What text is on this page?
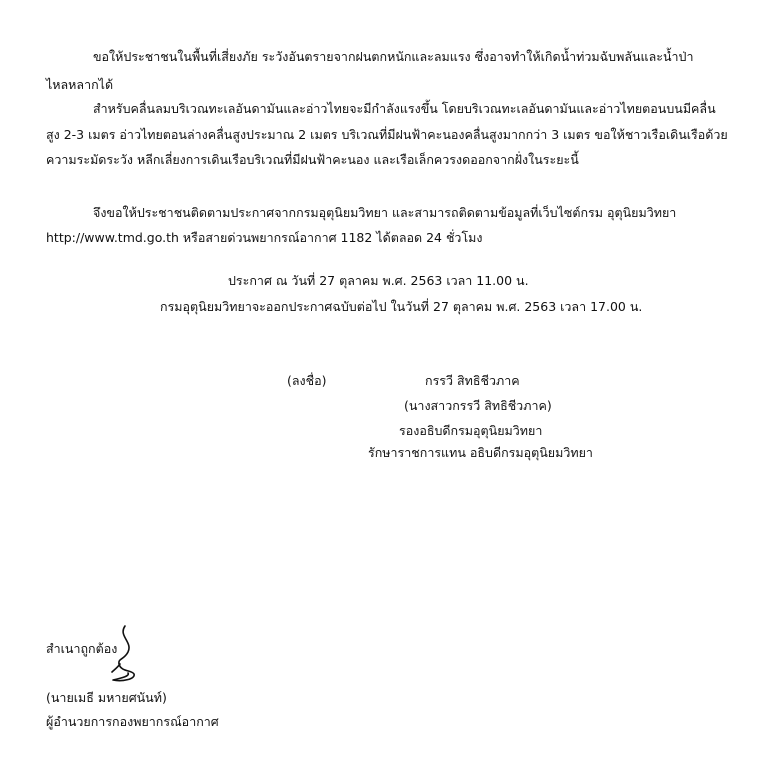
ขอให้ประชาชนในพื้นที่เสี่ยงภัย ระวังอันตรายจากฝนตกหนักและลมแรง ซึ่งอาจทำให้เกิดน้ำท่วมฉับพลันและน้ำป่า
ไหลหลากได้
สำหรับคลื่นลมบริเวณทะเลอันดามันและอ่าวไทยจะมีกำลังแรงขึ้น โดยบริเวณทะเลอันดามันและอ่าวไทยตอนบนมีคลื่น
สูง 2-3 เมตร อ่าวไทยตอนล่างคลื่นสูงประมาณ 2 เมตร บริเวณที่มีฝนฟ้าคะนองคลื่นสูงมากกว่า 3 เมตร ขอให้ชาวเรือเดินเรือด้วย
ความระมัดระวัง หลีกเลี่ยงการเดินเรือบริเวณที่มีฝนฟ้าคะนอง และเรือเล็กควรงดออกจากฝั่งในระยะนี้
จึงขอให้ประชาชนติดตามประกาศจากกรมอุตุนิยมวิทยา และสามารถติดตามข้อมูลที่เว็บไซต์กรม อุตุนิยมวิทยา
http://www.tmd.go.th หรือสายด่วนพยากรณ์อากาศ 1182 ได้ตลอด 24 ชั่วโมง
ประกาศ ณ วันที่ 27 ตุลาคม พ.ศ. 2563 เวลา 11.00 น.
กรมอุตุนิยมวิทยาจะออกประกาศฉบับต่อไป ในวันที่ 27 ตุลาคม พ.ศ. 2563 เวลา 17.00 น.
(ลงชื่อ)	กรรวี สิทธิชีวภาค
(นางสาวกรรวี สิทธิชีวภาค)
รองอธิบดีกรมอุตุนิยมวิทยา
รักษาราชการแทน อธิบดีกรมอุตุนิยมวิทยา
สำเนาถูกต้อง
(นายเมธี มหายศนันท์)
ผู้อำนวยการกองพยากรณ์อากาศ
